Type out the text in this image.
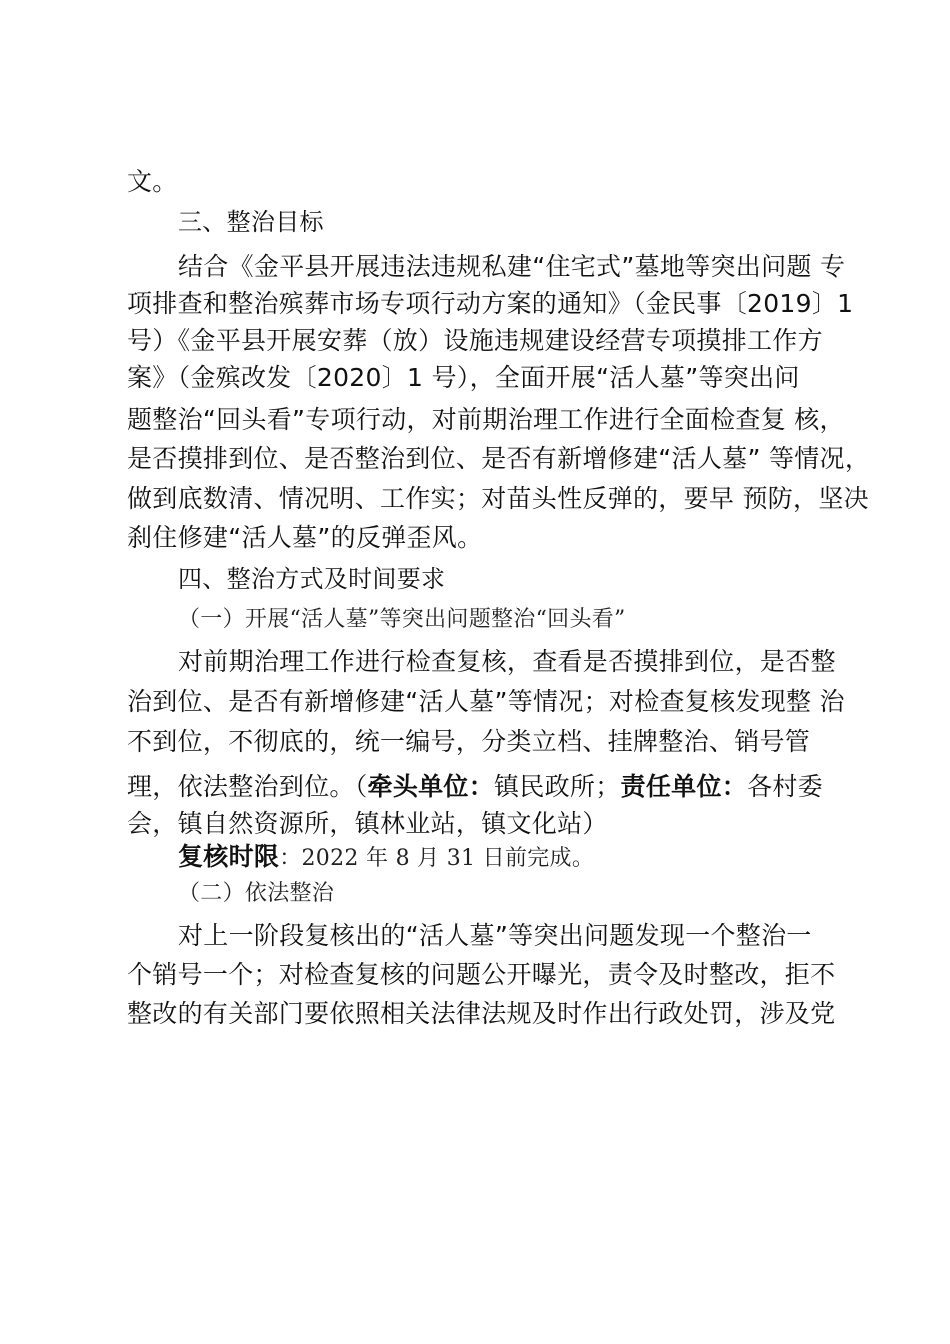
文。
三、整治目标
结合《金平县开展违法违规私建“住宅式”墓地等突出问题 专
项排查和整治殡葬市场专项行动方案的通知》（金民事〔2019〕1
号）《金平县开展安葬（放）设施违规建设经营专项摸排工作方
案》（金殡改发〔2020〕1 号），全面开展“活人墓”等突出问
题整治“回头看”专项行动，对前期治理工作进行全面检查复 核，
是否摸排到位、是否整治到位、是否有新增修建“活人墓” 等情况，
做到底数清、情况明、工作实；对苗头性反弹的，要早 预防，坚决
刹住修建“活人墓”的反弹歪风。
四、整治方式及时间要求
（一）开展“活人墓”等突出问题整治“回头看”
对前期治理工作进行检查复核，查看是否摸排到位，是否整
治到位、是否有新增修建“活人墓”等情况；对检查复核发现整 治
不到位，不彻底的，统一编号，分类立档、挂牌整治、销号管
理，依法整治到位。（牵头单位：镇民政所；责任单位：各村委
会，镇自然资源所，镇林业站，镇文化站）
复核时限：2022 年 8 月 31 日前完成。
（二）依法整治
对上一阶段复核出的“活人墓”等突出问题发现一个整治一
个销号一个；对检查复核的问题公开曝光，责令及时整改，拒不
整改的有关部门要依照相关法律法规及时作出行政处罚，涉及党
